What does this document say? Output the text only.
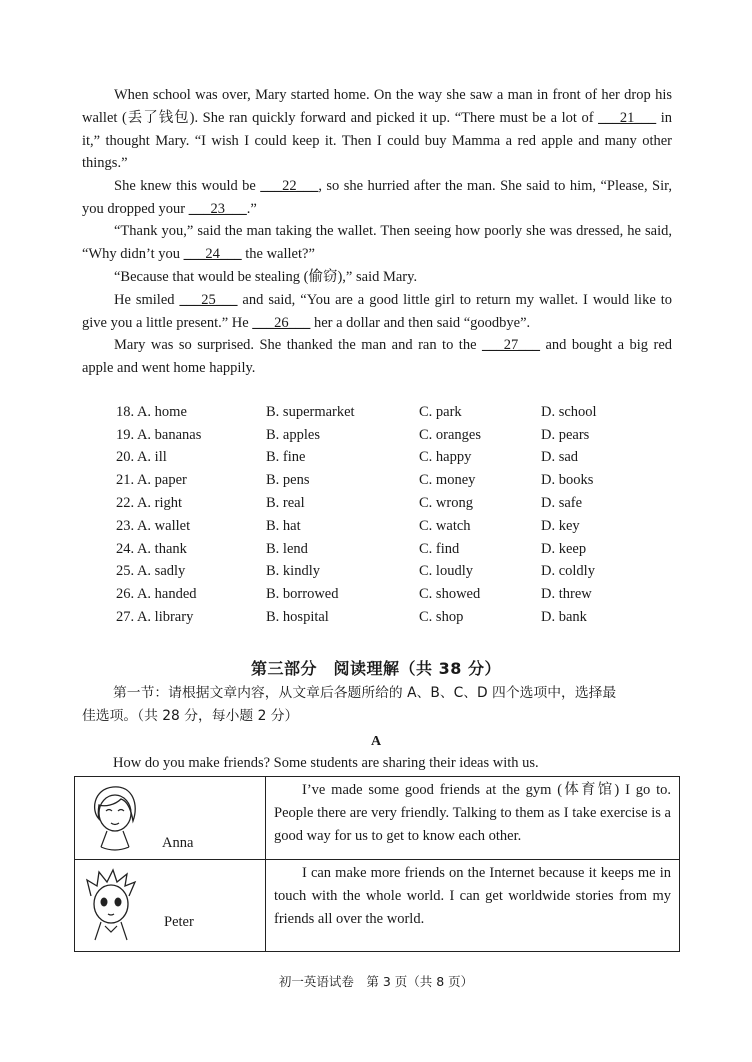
When school was over, Mary started home. On the way she saw a man in front of her drop his wallet (丢了钱包). She ran quickly forward and picked it up. “There must be a lot of ___21___ in it,” thought Mary. “I wish I could keep it. Then I could buy Mamma a red apple and many other things.”

She knew this would be ___22___, so she hurried after the man. She said to him, “Please, Sir, you dropped your ___23___.”

“Thank you,” said the man taking the wallet. Then seeing how poorly she was dressed, he said, “Why didn’t you ___24___ the wallet?”

“Because that would be stealing (偷窃),” said Mary.

He smiled ___25___ and said, “You are a good little girl to return my wallet. I would like to give you a little present.” He ___26___ her a dollar and then said “goodbye”.

Mary was so surprised. She thanked the man and ran to the ___27___ and bought a big red apple and went home happily.

18. A. home	B. supermarket	C. park	D. school
19. A. bananas	B. apples	C. oranges	D. pears
20. A. ill	B. fine	C. happy	D. sad
21. A. paper	B. pens	C. money	D. books
22. A. right	B. real	C. wrong	D. safe
23. A. wallet	B. hat	C. watch	D. key
24. A. thank	B. lend	C. find	D. keep
25. A. sadly	B. kindly	C. loudly	D. coldly
26. A. handed	B. borrowed	C. showed	D. threw
27. A. library	B. hospital	C. shop	D. bank
第三部分　阅读理解（共 38 分）

第一节：请根据文章内容，从文章后各题所给的 A、B、C、D 四个选项中，选择最

佳选项。（共 28 分，每小题 2 分）

A
How do you make friends? Some students are sharing their ideas with us.
Anna	I’ve made some good friends at the gym (体育馆) I go to. People there are very friendly. Talking to them as I take exercise is a good way for us to get to know each other.

Peter	I can make more friends on the Internet because it keeps me in touch with the whole world. I can get worldwide stories from my friends all over the world.
初一英语试卷　第 3 页（共 8 页）
